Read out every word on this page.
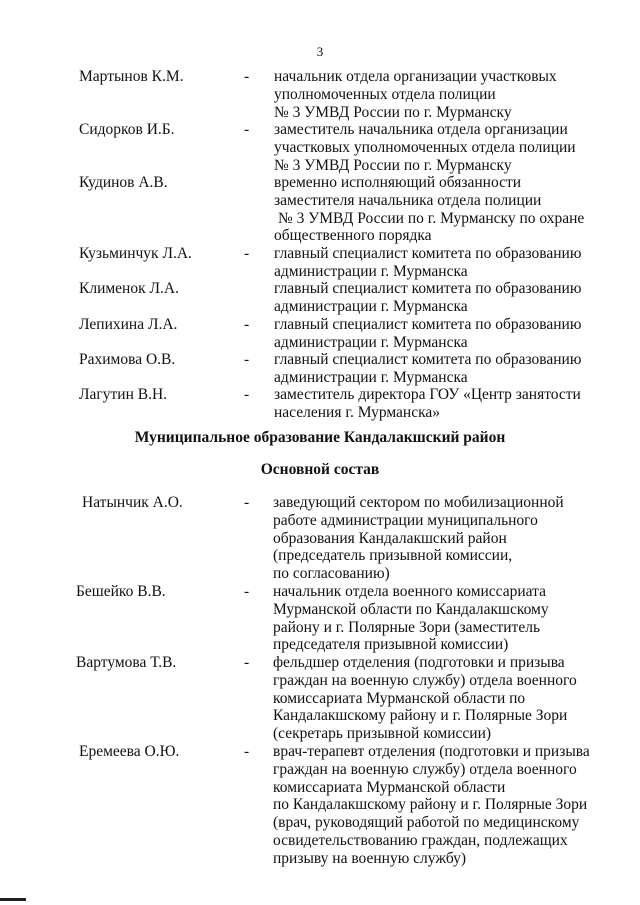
3
Мартынов К.М.	- начальник отдела организации участковых
уполномоченных отдела полиции
№ 3 УМВД России по г. Мурманску
Сидорков И.Б.	- заместитель начальника отдела организации
участковых уполномоченных отдела полиции
№ 3 УМВД России по г. Мурманску
Кудинов А.В.	временно исполняющий обязанности
заместителя начальника отдела полиции
№ 3 УМВД России по г. Мурманску по охране
общественного порядка
Кузьминчук Л.А.	- главный специалист комитета по образованию
администрации г. Мурманска
Клименок Л.А.	главный специалист комитета по образованию
администрации г. Мурманска
Лепихина Л.А.	- главный специалист комитета по образованию
администрации г. Мурманска
Рахимова О.В.	- главный специалист комитета по образованию
администрации г. Мурманска
Лагутин В.Н.	- заместитель директора ГОУ «Центр занятости
населения г. Мурманска»
Муниципальное образование Кандалакшский район
Основной состав
Натынчик А.О.	- заведующий сектором по мобилизационной
работе администрации муниципального
образования Кандалакшский район
(председатель призывной комиссии,
по согласованию)
Бешейко В.В.	- начальник отдела военного комиссариата
Мурманской области по Кандалакшскому
району и г. Полярные Зори (заместитель
председателя призывной комиссии)
Вартумова Т.В.	- фельдшер отделения (подготовки и призыва
граждан на военную службу) отдела военного
комиссариата Мурманской области по
Кандалакшскому району и г. Полярные Зори
(секретарь призывной комиссии)
Еремеева О.Ю.	- врач-терапевт отделения (подготовки и призыва
граждан на военную службу) отдела военного
комиссариата Мурманской области
по Кандалакшскому району и г. Полярные Зори
(врач, руководящий работой по медицинскому
освидетельствованию граждан, подлежащих
призыву на военную службу)
